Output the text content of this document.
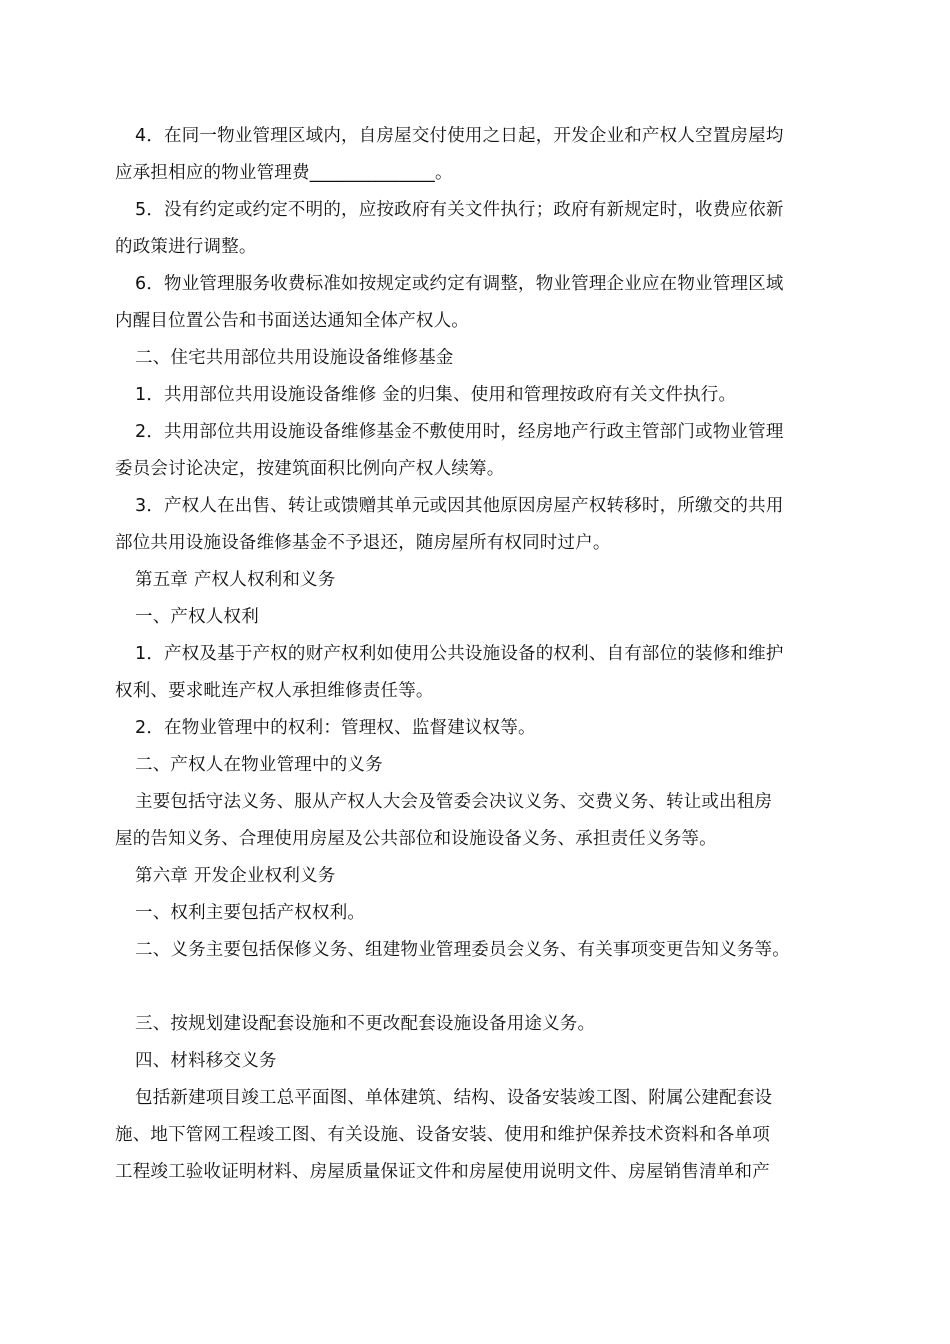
4．在同一物业管理区域内，自房屋交付使用之日起，开发企业和产权人空置房屋均
应承担相应的物业管理费______________。
5．没有约定或约定不明的，应按政府有关文件执行；政府有新规定时，收费应依新
的政策进行调整。
6．物业管理服务收费标准如按规定或约定有调整，物业管理企业应在物业管理区域
内醒目位置公告和书面送达通知全体产权人。
二、住宅共用部位共用设施设备维修基金
1．共用部位共用设施设备维修 金的归集、使用和管理按政府有关文件执行。
2．共用部位共用设施设备维修基金不敷使用时，经房地产行政主管部门或物业管理
委员会讨论决定，按建筑面积比例向产权人续筹。
3．产权人在出售、转让或馈赠其单元或因其他原因房屋产权转移时，所缴交的共用
部位共用设施设备维修基金不予退还，随房屋所有权同时过户。
第五章 产权人权利和义务
一、产权人权利
1．产权及基于产权的财产权利如使用公共设施设备的权利、自有部位的装修和维护
权利、要求毗连产权人承担维修责任等。
2．在物业管理中的权利：管理权、监督建议权等。
二、产权人在物业管理中的义务
主要包括守法义务、服从产权人大会及管委会决议义务、交费义务、转让或出租房
屋的告知义务、合理使用房屋及公共部位和设施设备义务、承担责任义务等。
第六章 开发企业权利义务
一、权利主要包括产权权利。
二、义务主要包括保修义务、组建物业管理委员会义务、有关事项变更告知义务等。
三、按规划建设配套设施和不更改配套设施设备用途义务。
四、材料移交义务
包括新建项目竣工总平面图、单体建筑、结构、设备安装竣工图、附属公建配套设
施、地下管网工程竣工图、有关设施、设备安装、使用和维护保养技术资料和各单项
工程竣工验收证明材料、房屋质量保证文件和房屋使用说明文件、房屋销售清单和产
